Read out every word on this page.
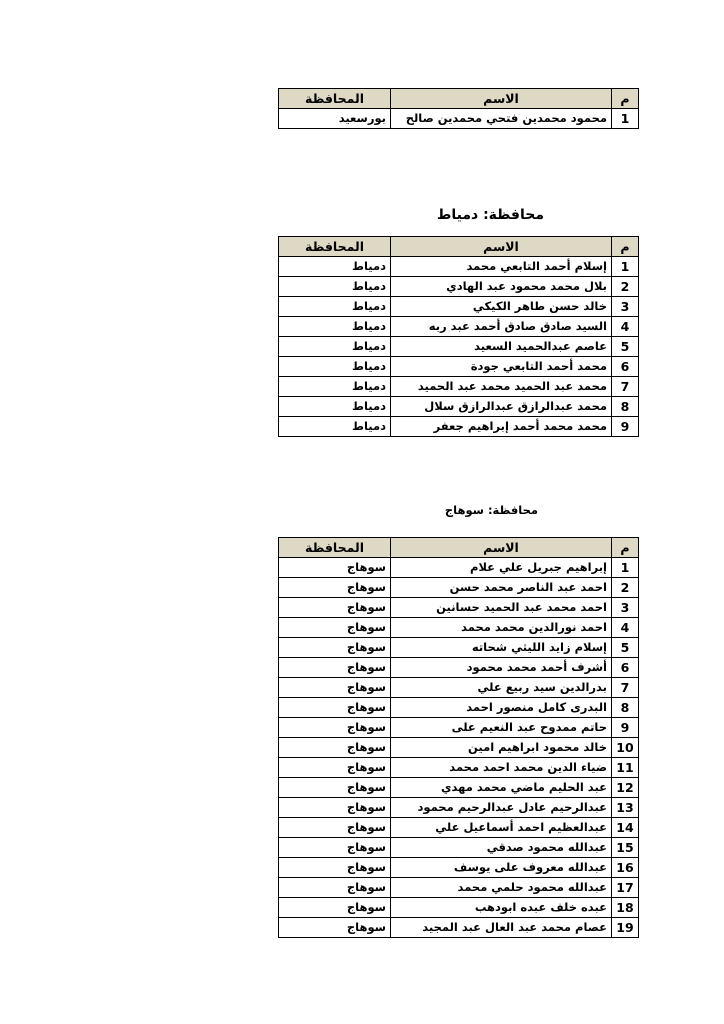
م	الاسم	المحافظة
1	محمود محمدين فتحي محمدين صالح	بورسعيد
محافظة: دمياط
م	الاسم	المحافظة
1	إسلام أحمد التابعي محمد	دمياط
2	بلال محمد محمود عبد الهادي	دمياط
3	خالد حسن طاهر الكيكي	دمياط
4	السيد صادق صادق أحمد عبد ربه	دمياط
5	عاصم عبدالحميد السعيد	دمياط
6	محمد أحمد التابعي جودة	دمياط
7	محمد عبد الحميد محمد عبد الحميد	دمياط
8	محمد عبدالرازق عبدالرازق سلال	دمياط
9	محمد محمد أحمد إبراهيم جعفر	دمياط
محافظة: سوهاج
م	الاسم	المحافظة
1	إبراهيم جبريل علي علام	سوهاج
2	احمد عبد الناصر محمد حسن	سوهاج
3	احمد محمد عبد الحميد حسانين	سوهاج
4	احمد نورالدين محمد محمد	سوهاج
5	إسلام زايد الليثي شحاته	سوهاج
6	أشرف أحمد محمد محمود	سوهاج
7	بدرالدين سيد ربيع علي	سوهاج
8	البدرى كامل منصور احمد	سوهاج
9	حاتم ممدوح عبد النعيم على	سوهاج
10	خالد محمود ابراهيم امين	سوهاج
11	ضياء الدين محمد احمد محمد	سوهاج
12	عبد الحليم ماضي محمد مهدي	سوهاج
13	عبدالرحيم عادل عبدالرحيم محمود	سوهاج
14	عبدالعظيم احمد أسماعيل علي	سوهاج
15	عبدالله محمود صدقي	سوهاج
16	عبدالله معروف على يوسف	سوهاج
17	عبدالله محمود حلمي محمد	سوهاج
18	عبده خلف عبده ابودهب	سوهاج
19	عصام محمد عبد العال عبد المجيد	سوهاج
